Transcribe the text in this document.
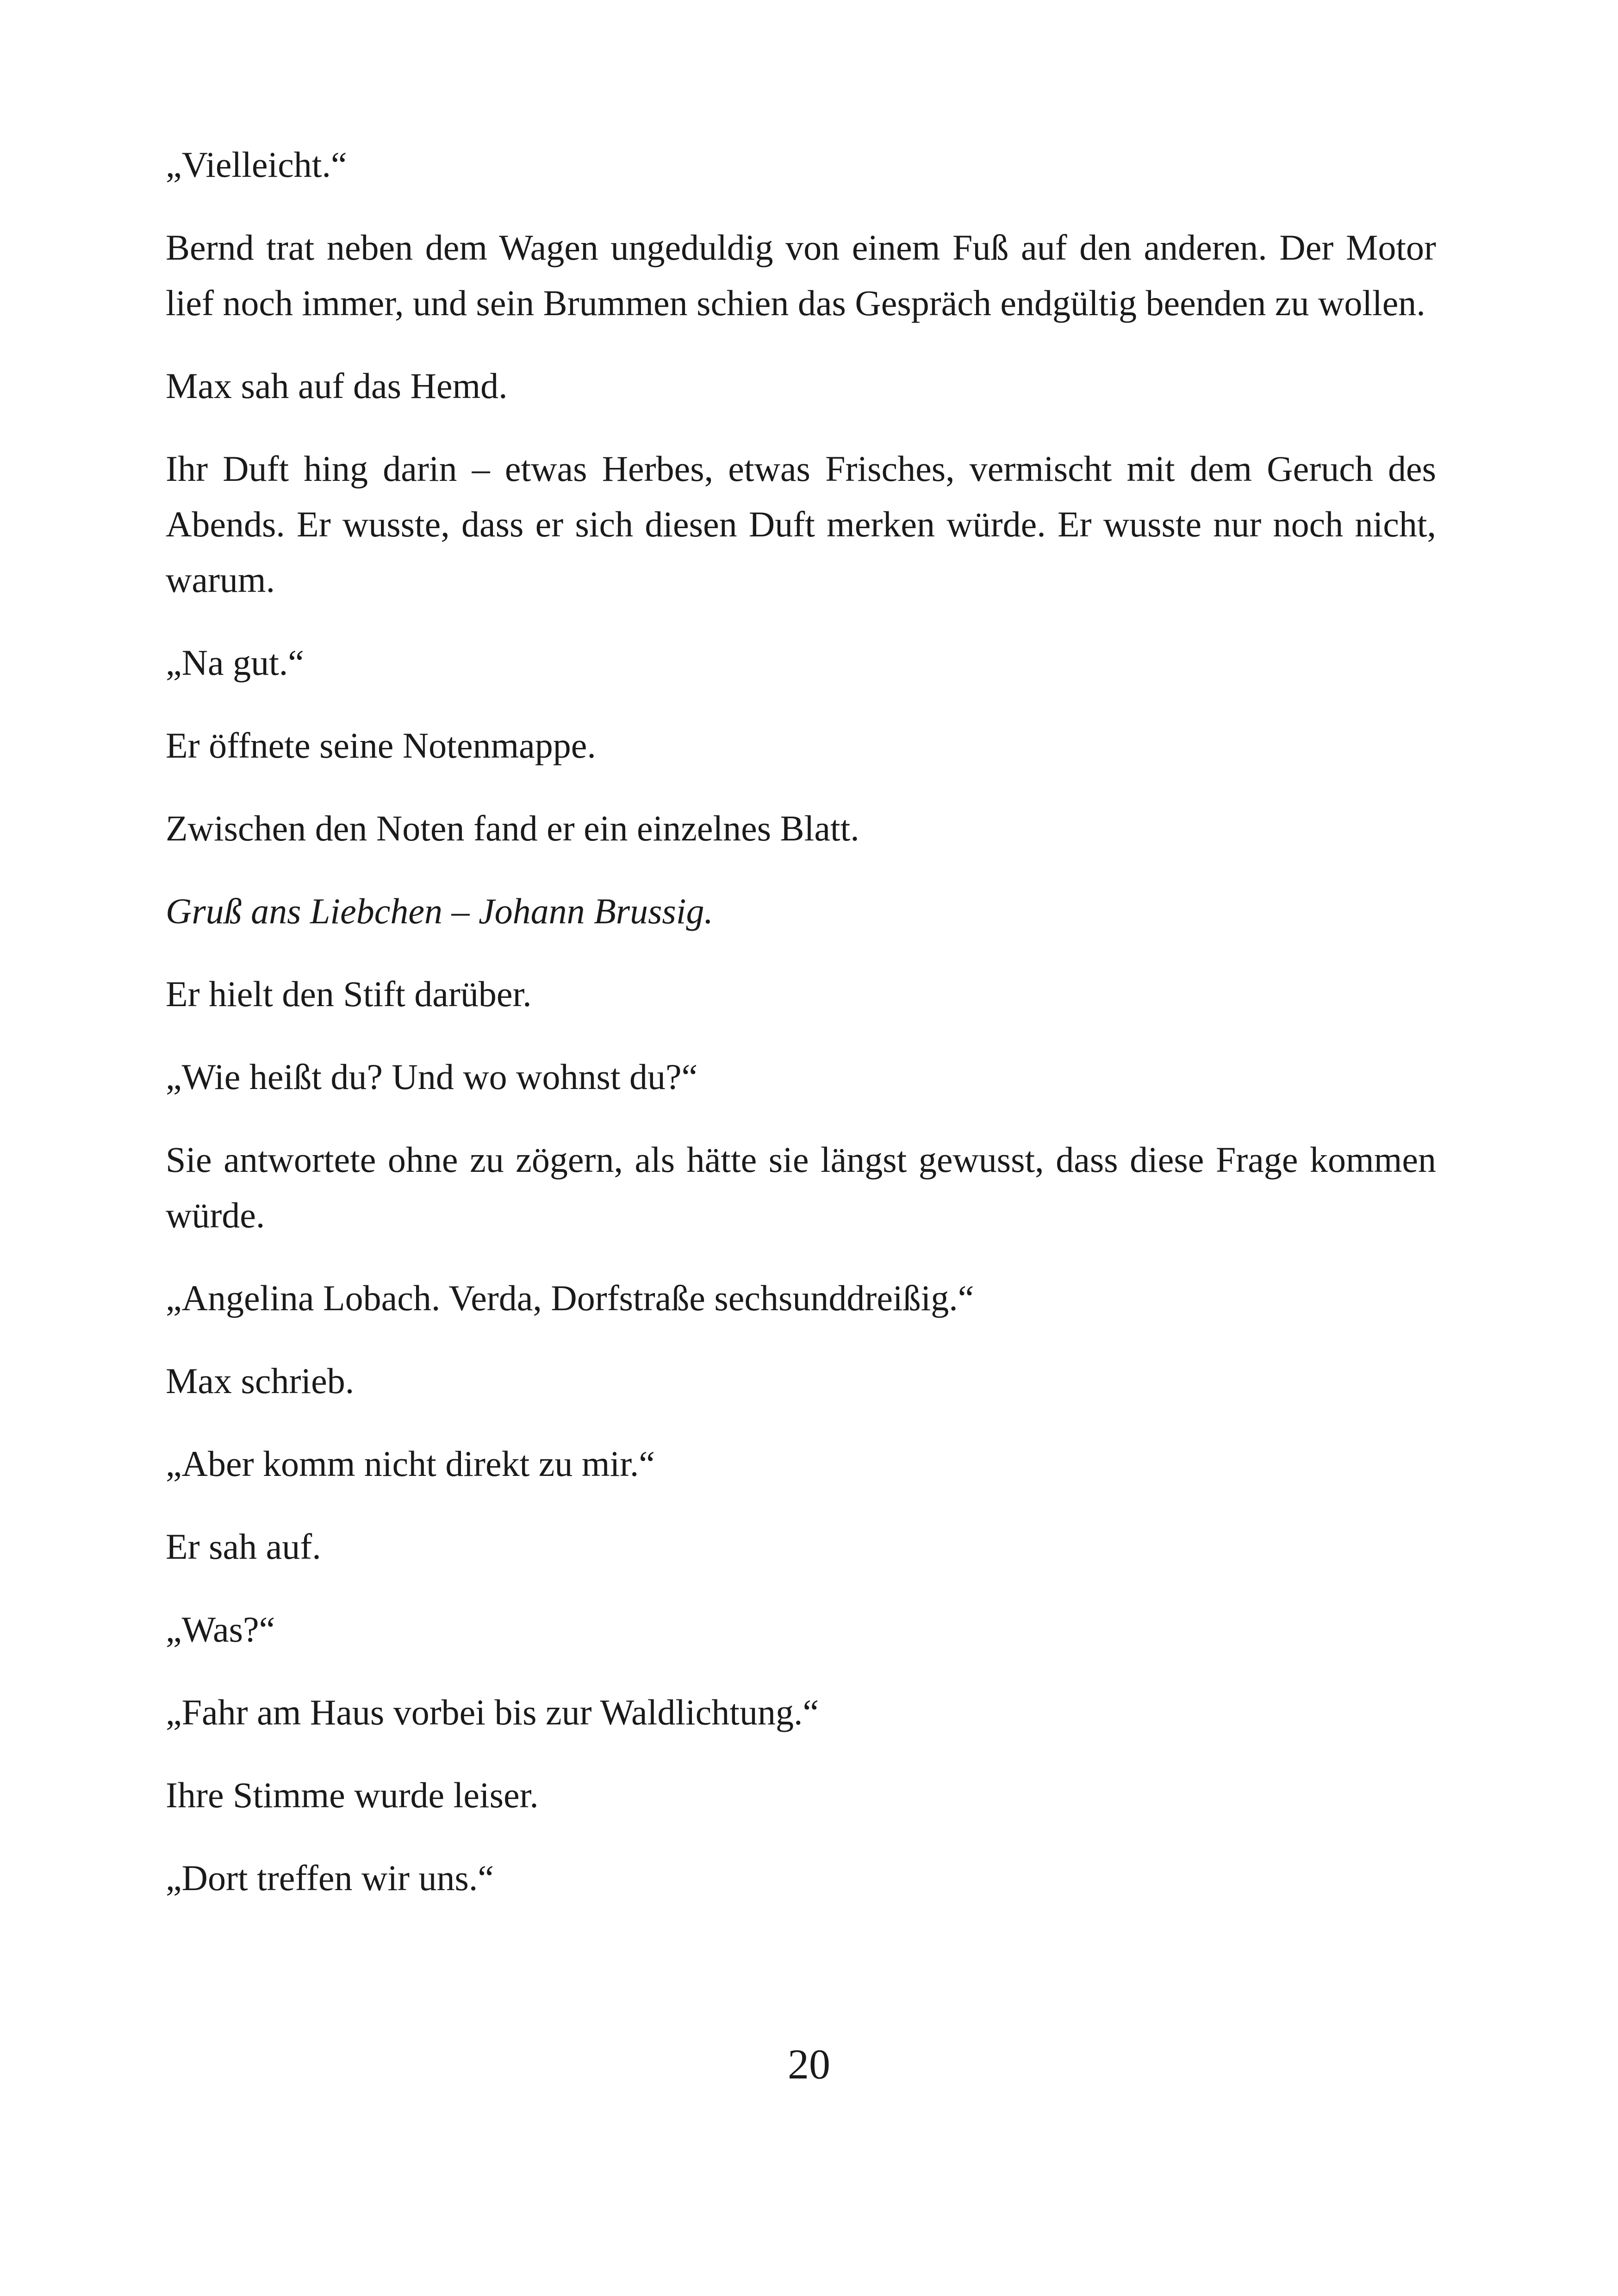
„Vielleicht.“

Bernd trat neben dem Wagen ungeduldig von einem Fuß auf den anderen. Der Motor lief noch immer, und sein Brummen schien das Gespräch endgültig beenden zu wollen.

Max sah auf das Hemd.

Ihr Duft hing darin – etwas Herbes, etwas Frisches, vermischt mit dem Geruch des Abends. Er wusste, dass er sich diesen Duft merken würde. Er wusste nur noch nicht, warum.

„Na gut.“

Er öffnete seine Notenmappe.

Zwischen den Noten fand er ein einzelnes Blatt.

Gruß ans Liebchen – Johann Brussig.

Er hielt den Stift darüber.

„Wie heißt du? Und wo wohnst du?“

Sie antwortete ohne zu zögern, als hätte sie längst gewusst, dass diese Frage kommen würde.

„Angelina Lobach. Verda, Dorfstraße sechsunddreißig.“

Max schrieb.

„Aber komm nicht direkt zu mir.“

Er sah auf.

„Was?“

„Fahr am Haus vorbei bis zur Waldlichtung.“

Ihre Stimme wurde leiser.

„Dort treffen wir uns.“

20
